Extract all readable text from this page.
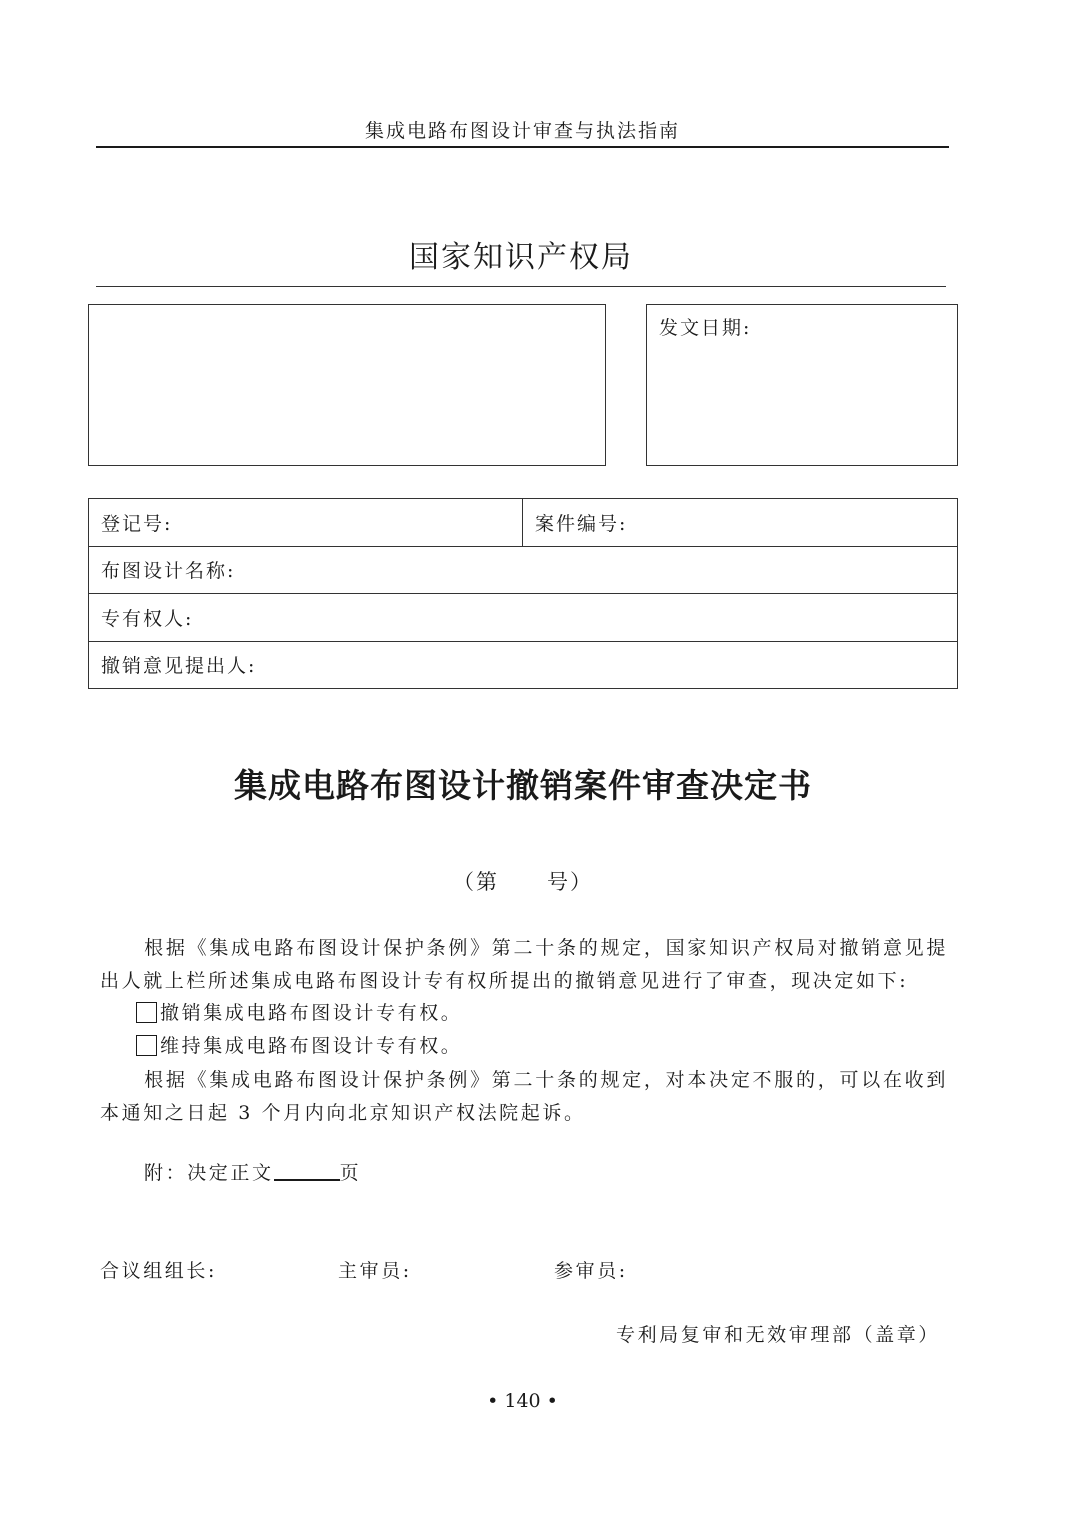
集成电路布图设计审查与执法指南
国家知识产权局
发文日期:
登记号:	案件编号:
布图设计名称:
专有权人:
撤销意见提出人:
集成电路布图设计撤销案件审查决定书
（第 号）
根据《集成电路布图设计保护条例》第二十条的规定，国家知识产权局对撤销意见提出人就上栏所述集成电路布图设计专有权所提出的撤销意见进行了审查，现决定如下:
撤销集成电路布图设计专有权。
维持集成电路布图设计专有权。
根据《集成电路布图设计保护条例》第二十条的规定，对本决定不服的，可以在收到本通知之日起 3 个月内向北京知识产权法院起诉。
附：决定正文	页
合议组组长:	主审员:	参审员:
专利局复审和无效审理部（盖章）
• 140 •
